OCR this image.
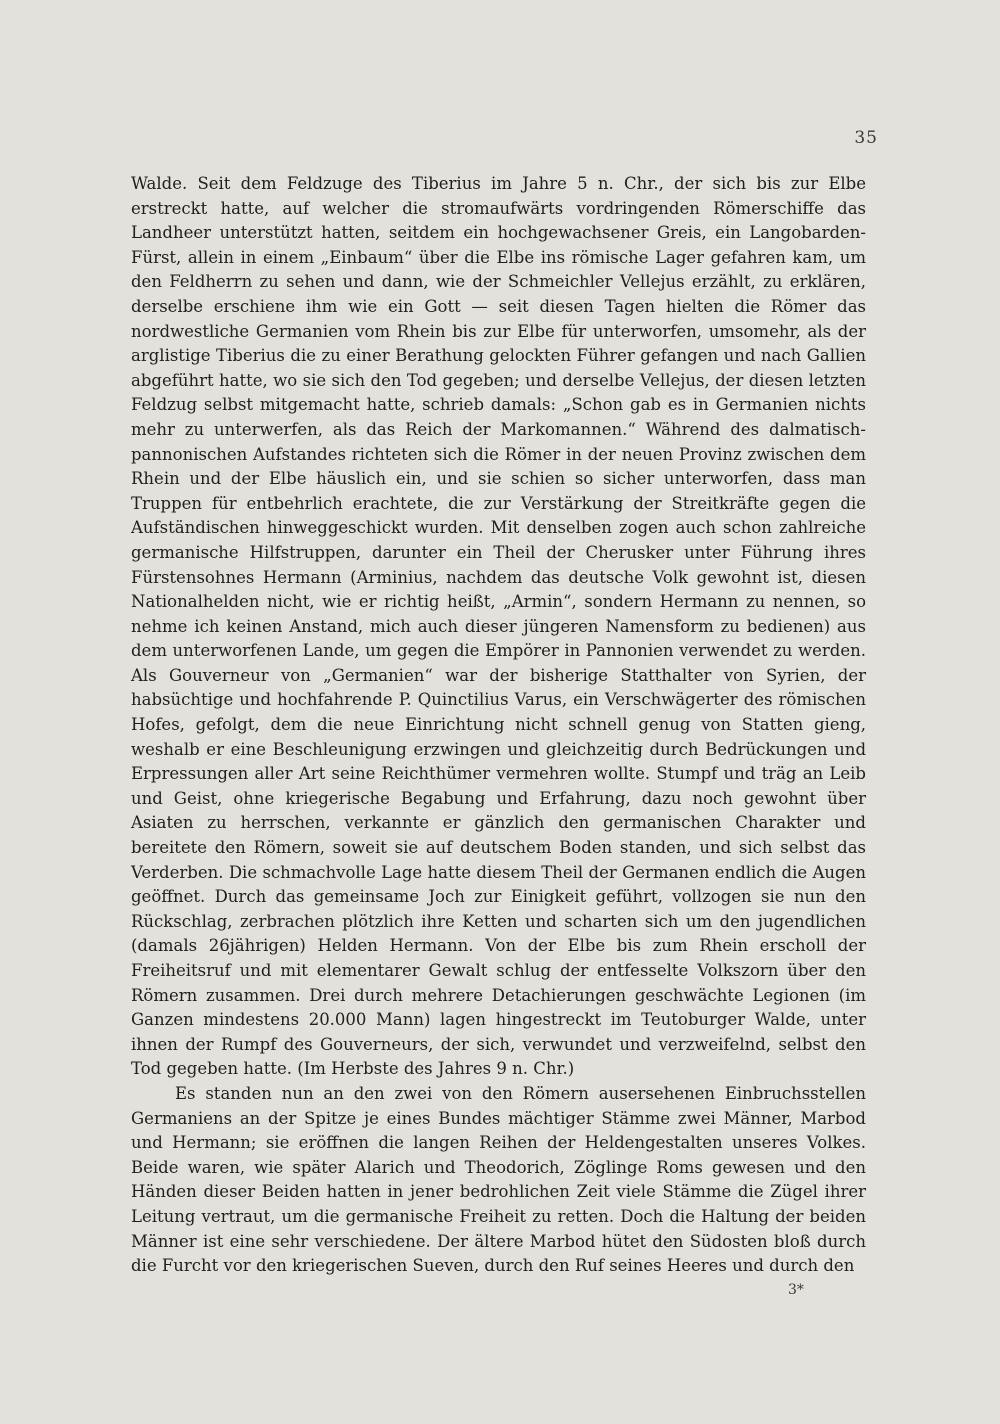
35

Walde. Seit dem Feldzuge des Tiberius im Jahre 5 n. Chr., der sich bis zur Elbe erstreckt hatte, auf welcher die stromaufwärts vordringenden Römerschiffe das Landheer unterstützt hatten, seitdem ein hochgewachsener Greis, ein Langobarden-Fürst, allein in einem „Einbaum“ über die Elbe ins römische Lager gefahren kam, um den Feldherrn zu sehen und dann, wie der Schmeichler Vellejus erzählt, zu erklären, derselbe erschiene ihm wie ein Gott — seit diesen Tagen hielten die Römer das nordwestliche Germanien vom Rhein bis zur Elbe für unterworfen, umsomehr, als der arglistige Tiberius die zu einer Berathung gelockten Führer gefangen und nach Gallien abgeführt hatte, wo sie sich den Tod gegeben; und derselbe Vellejus, der diesen letzten Feldzug selbst mitgemacht hatte, schrieb damals: „Schon gab es in Germanien nichts mehr zu unterwerfen, als das Reich der Markomannen.“ Während des dalmatisch-pannonischen Aufstandes richteten sich die Römer in der neuen Provinz zwischen dem Rhein und der Elbe häuslich ein, und sie schien so sicher unterworfen, dass man Truppen für entbehrlich erachtete, die zur Verstärkung der Streitkräfte gegen die Aufständischen hinweggeschickt wurden. Mit denselben zogen auch schon zahlreiche germanische Hilfstruppen, darunter ein Theil der Cherusker unter Führung ihres Fürstensohnes Hermann (Arminius, nachdem das deutsche Volk gewohnt ist, diesen Nationalhelden nicht, wie er richtig heißt, „Armin“, sondern Hermann zu nennen, so nehme ich keinen Anstand, mich auch dieser jüngeren Namensform zu bedienen) aus dem unterworfenen Lande, um gegen die Empörer in Pannonien verwendet zu werden. Als Gouverneur von „Germanien“ war der bisherige Statthalter von Syrien, der habsüchtige und hochfahrende P. Quinctilius Varus, ein Verschwägerter des römischen Hofes, gefolgt, dem die neue Einrichtung nicht schnell genug von Statten gieng, weshalb er eine Beschleunigung erzwingen und gleichzeitig durch Bedrückungen und Erpressungen aller Art seine Reichthümer vermehren wollte. Stumpf und träg an Leib und Geist, ohne kriegerische Begabung und Erfahrung, dazu noch gewohnt über Asiaten zu herrschen, verkannte er gänzlich den germanischen Charakter und bereitete den Römern, soweit sie auf deutschem Boden standen, und sich selbst das Verderben. Die schmachvolle Lage hatte diesem Theil der Germanen endlich die Augen geöffnet. Durch das gemeinsame Joch zur Einigkeit geführt, vollzogen sie nun den Rückschlag, zerbrachen plötzlich ihre Ketten und scharten sich um den jugendlichen (damals 26jährigen) Helden Hermann. Von der Elbe bis zum Rhein erscholl der Freiheitsruf und mit elementarer Gewalt schlug der entfesselte Volkszorn über den Römern zusammen. Drei durch mehrere Detachierungen geschwächte Legionen (im Ganzen mindestens 20.000 Mann) lagen hingestreckt im Teutoburger Walde, unter ihnen der Rumpf des Gouverneurs, der sich, verwundet und verzweifelnd, selbst den Tod gegeben hatte. (Im Herbste des Jahres 9 n. Chr.)

Es standen nun an den zwei von den Römern ausersehenen Einbruchsstellen Germaniens an der Spitze je eines Bundes mächtiger Stämme zwei Männer, Marbod und Hermann; sie eröffnen die langen Reihen der Heldengestalten unseres Volkes. Beide waren, wie später Alarich und Theodorich, Zöglinge Roms gewesen und den Händen dieser Beiden hatten in jener bedrohlichen Zeit viele Stämme die Zügel ihrer Leitung vertraut, um die germanische Freiheit zu retten. Doch die Haltung der beiden Männer ist eine sehr verschiedene. Der ältere Marbod hütet den Südosten bloß durch die Furcht vor den kriegerischen Sueven, durch den Ruf seines Heeres und durch den

3*
